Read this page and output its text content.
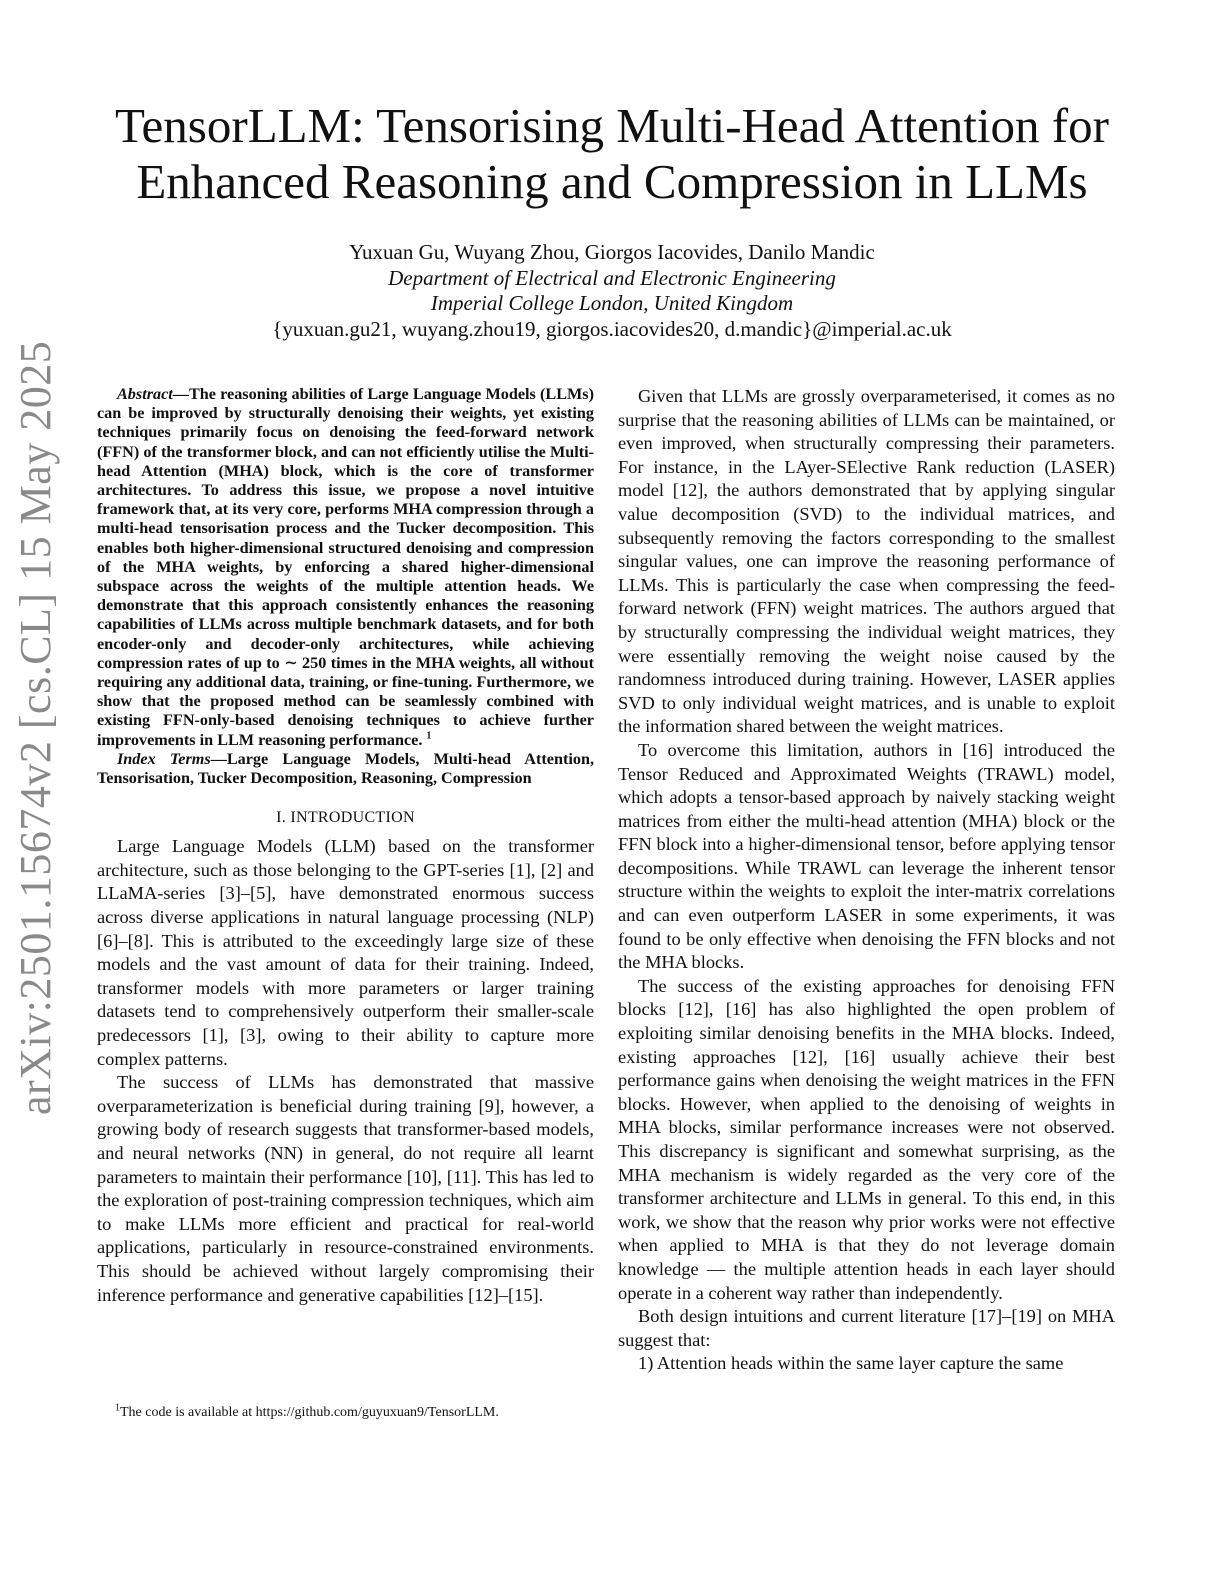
arXiv:2501.15674v2 [cs.CL] 15 May 2025
TensorLLM: Tensorising Multi-Head Attention for
Enhanced Reasoning and Compression in LLMs
Yuxuan Gu, Wuyang Zhou, Giorgos Iacovides, Danilo Mandic
Department of Electrical and Electronic Engineering
Imperial College London, United Kingdom
{yuxuan.gu21, wuyang.zhou19, giorgos.iacovides20, d.mandic}@imperial.ac.uk

Abstract—The reasoning abilities of Large Language Models (LLMs) can be improved by structurally denoising their weights, yet existing techniques primarily focus on denoising the feed-forward network (FFN) of the transformer block, and can not efficiently utilise the Multi-head Attention (MHA) block, which is the core of transformer architectures. To address this issue, we propose a novel intuitive framework that, at its very core, performs MHA compression through a multi-head tensorisation process and the Tucker decomposition. This enables both higher-dimensional structured denoising and compression of the MHA weights, by enforcing a shared higher-dimensional subspace across the weights of the multiple attention heads. We demonstrate that this approach consistently enhances the reasoning capabilities of LLMs across multiple benchmark datasets, and for both encoder-only and decoder-only architectures, while achieving compression rates of up to ∼ 250 times in the MHA weights, all without requiring any additional data, training, or fine-tuning. Furthermore, we show that the proposed method can be seamlessly combined with existing FFN-only-based denoising techniques to achieve further improvements in LLM reasoning performance. $^1$

Index Terms—Large Language Models, Multi-head Attention, Tensorisation, Tucker Decomposition, Reasoning, Compression

I. INTRODUCTION

Large Language Models (LLM) based on the transformer architecture, such as those belonging to the GPT-series [1], [2] and LLaMA-series [3]–[5], have demonstrated enormous success across diverse applications in natural language processing (NLP) [6]–[8]. This is attributed to the exceedingly large size of these models and the vast amount of data for their training. Indeed, transformer models with more parameters or larger training datasets tend to comprehensively outperform their smaller-scale predecessors [1], [3], owing to their ability to capture more complex patterns.

The success of LLMs has demonstrated that massive overparameterization is beneficial during training [9], however, a growing body of research suggests that transformer-based models, and neural networks (NN) in general, do not require all learnt parameters to maintain their performance [10], [11]. This has led to the exploration of post-training compression techniques, which aim to make LLMs more efficient and practical for real-world applications, particularly in resource-constrained environments. This should be achieved without largely compromising their inference performance and generative capabilities [12]–[15].

$^1$The code is available at https://github.com/guyuxuan9/TensorLLM.

Given that LLMs are grossly overparameterised, it comes as no surprise that the reasoning abilities of LLMs can be maintained, or even improved, when structurally compressing their parameters. For instance, in the LAyer-SElective Rank reduction (LASER) model [12], the authors demonstrated that by applying singular value decomposition (SVD) to the individual matrices, and subsequently removing the factors corresponding to the smallest singular values, one can improve the reasoning performance of LLMs. This is particularly the case when compressing the feed-forward network (FFN) weight matrices. The authors argued that by structurally compressing the individual weight matrices, they were essentially removing the weight noise caused by the randomness introduced during training. However, LASER applies SVD to only individual weight matrices, and is unable to exploit the information shared between the weight matrices.

To overcome this limitation, authors in [16] introduced the Tensor Reduced and Approximated Weights (TRAWL) model, which adopts a tensor-based approach by naively stacking weight matrices from either the multi-head attention (MHA) block or the FFN block into a higher-dimensional tensor, before applying tensor decompositions. While TRAWL can leverage the inherent tensor structure within the weights to exploit the inter-matrix correlations and can even outperform LASER in some experiments, it was found to be only effective when denoising the FFN blocks and not the MHA blocks.

The success of the existing approaches for denoising FFN blocks [12], [16] has also highlighted the open problem of exploiting similar denoising benefits in the MHA blocks. Indeed, existing approaches [12], [16] usually achieve their best performance gains when denoising the weight matrices in the FFN blocks. However, when applied to the denoising of weights in MHA blocks, similar performance increases were not observed. This discrepancy is significant and somewhat surprising, as the MHA mechanism is widely regarded as the very core of the transformer architecture and LLMs in general. To this end, in this work, we show that the reason why prior works were not effective when applied to MHA is that they do not leverage domain knowledge — the multiple attention heads in each layer should operate in a coherent way rather than independently.

Both design intuitions and current literature [17]–[19] on MHA suggest that:

1) Attention heads within the same layer capture the same
